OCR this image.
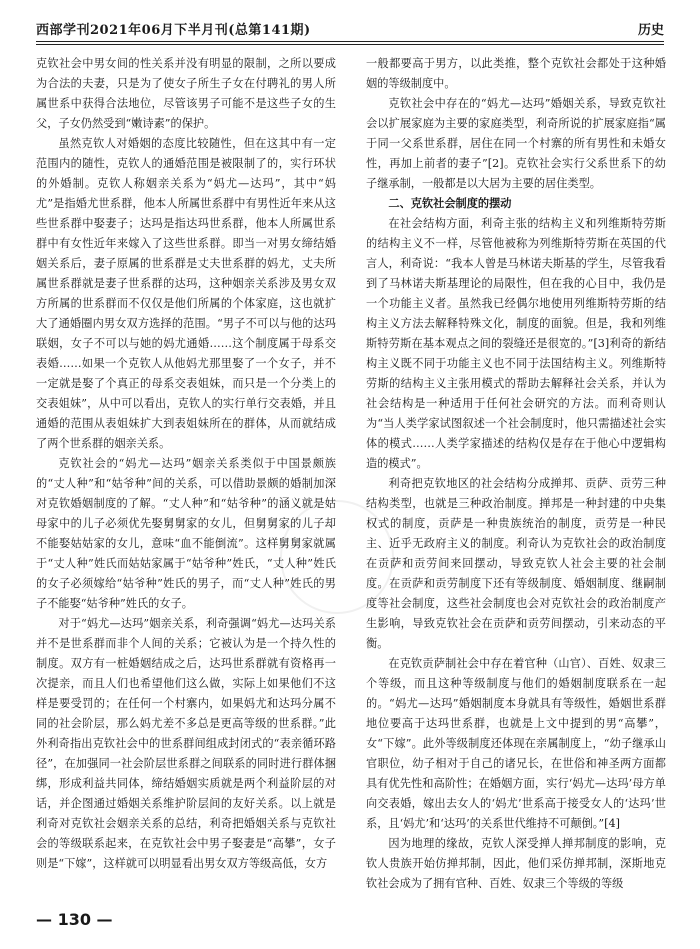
西部学刊2021年06月下半月刊(总第141期)	历史

克钦社会中男女间的性关系并没有明显的限制，之所以要成为合法的夫妻，只是为了使女子所生子女在付聘礼的男人所属世系中获得合法地位，尽管该男子可能不是这些子女的生父，子女仍然受到“嫩诗素”的保护。

虽然克钦人对婚姻的态度比较随性，但在这其中有一定范围内的随性，克钦人的通婚范围是被限制了的，实行环状的外婚制。克钦人称姻亲关系为“妈尤—达玛”，其中“妈尤”是指婚尤世系群，他本人所属世系群中有男性近年来从这些世系群中娶妻子；达玛是指达玛世系群，他本人所属世系群中有女性近年来嫁入了这些世系群。即当一对男女缔结婚姻关系后，妻子原属的世系群是丈夫世系群的妈尤，丈夫所属世系群就是妻子世系群的达玛，这种姻亲关系涉及男女双方所属的世系群而不仅仅是他们所属的个体家庭，这也就扩大了通婚圈内男女双方选择的范围。“男子不可以与他的达玛联姻，女子不可以与她的妈尤通婚……这个制度属于母系交表婚……如果一个克钦人从他妈尤那里娶了一个女子，并不一定就是娶了个真正的母系交表姐妹，而只是一个分类上的交表姐妹”，从中可以看出，克钦人的实行单行交表婚，并且通婚的范围从表姐妹扩大到表姐妹所在的群体，从而就结成了两个世系群的姻亲关系。

克钦社会的“妈尤—达玛”姻亲关系类似于中国景颇族的“丈人种”和“姑爷种”间的关系，可以借助景颇的婚制加深对克钦婚姻制度的了解。“丈人种”和“姑爷种”的涵义就是姑母家中的儿子必须优先娶舅舅家的女儿，但舅舅家的儿子却不能娶姑姑家的女儿，意味“血不能倒流”。这样舅舅家就属于“丈人种”姓氏而姑姑家属于“姑爷种”姓氏，“丈人种”姓氏的女子必须嫁给“姑爷种”姓氏的男子，而“丈人种”姓氏的男子不能娶“姑爷种”姓氏的女子。

对于“妈尤—达玛”姻亲关系，利奇强调“妈尤—达玛关系并不是世系群而非个人间的关系；它被认为是一个持久性的制度。双方有一桩婚姻结成之后，达玛世系群就有资格再一次提亲，而且人们也希望他们这么做，实际上如果他们不这样是要受罚的；在任何一个村寨内，如果妈尤和达玛分属不同的社会阶层，那么妈尤差不多总是更高等级的世系群。”此外利奇指出克钦社会中的世系群间组成封闭式的“表亲循环路径”，在加强同一社会阶层世系群之间联系的同时进行群体捆绑，形成利益共同体，缔结婚姻实质就是两个利益阶层的对话，并企图通过婚姻关系维护阶层间的友好关系。以上就是利奇对克钦社会姻亲关系的总结，利奇把婚姻关系与克钦社会的等级联系起来，在克钦社会中男子娶妻是“高攀”，女子则是“下嫁”，这样就可以明显看出男女双方等级高低，女方

一般都要高于男方，以此类推，整个克钦社会都处于这种婚姻的等级制度中。

克钦社会中存在的“妈尤—达玛”婚姻关系，导致克钦社会以扩展家庭为主要的家庭类型，利奇所说的扩展家庭指“属于同一父系世系群，居住在同一个村寨的所有男性和未婚女性，再加上前者的妻子”[2]。克钦社会实行父系世系下的幼子继承制，一般都是以大居为主要的居住类型。

二、克钦社会制度的摆动

在社会结构方面，利奇主张的结构主义和列维斯特劳斯的结构主义不一样，尽管他被称为列维斯特劳斯在英国的代言人，利奇说：“我本人曾是马林诺夫斯基的学生，尽管我看到了马林诺夫斯基理论的局限性，但在我的心目中，我仍是一个功能主义者。虽然我已经偶尔地使用列维斯特劳斯的结构主义方法去解释特殊文化，制度的面貌。但是，我和列维斯特劳斯在基本观点之间的裂缝还是很宽的。”[3]利奇的新结构主义既不同于功能主义也不同于法国结构主义。列维斯特劳斯的结构主义主张用模式的帮助去解释社会关系，并认为社会结构是一种适用于任何社会研究的方法。而利奇则认为“当人类学家试图叙述一个社会制度时，他只需描述社会实体的模式……人类学家描述的结构仅是存在于他心中逻辑构造的模式”。

利奇把克钦地区的社会结构分成掸邦、贡萨、贡劳三种结构类型，也就是三种政治制度。掸邦是一种封建的中央集权式的制度，贡萨是一种贵族统治的制度，贡劳是一种民主、近乎无政府主义的制度。利奇认为克钦社会的政治制度在贡萨和贡劳间来回摆动，导致克钦人社会主要的社会制度。在贡萨和贡劳制度下还有等级制度、婚姻制度、继嗣制度等社会制度，这些社会制度也会对克钦社会的政治制度产生影响，导致克钦社会在贡萨和贡劳间摆动，引来动态的平衡。

在克钦贡萨制社会中存在着官种（山官）、百姓、奴隶三个等级，而且这种等级制度与他们的婚姻制度联系在一起的。“妈尤—达玛”婚姻制度本身就具有等级性，婚姻世系群地位要高于达玛世系群，也就是上文中提到的男“高攀”，女“下嫁”。此外等级制度还体现在亲属制度上，“幼子继承山官职位，幼子相对于自己的诸兄长，在世俗和神圣两方面都具有优先性和高阶性；在婚姻方面，实行‘妈尤—达玛’母方单向交表婚，嫁出去女人的‘妈尤’世系高于接受女人的‘达玛’世系，且‘妈尤’和‘达玛’的关系世代维持不可颠倒。”[4]

因为地理的缘故，克钦人深受掸人掸邦制度的影响，克钦人贵族开始仿掸邦制，因此，他们采仿掸邦制，深斯地克钦社会成为了拥有官种、百姓、奴隶三个等级的等级

— 130 —
